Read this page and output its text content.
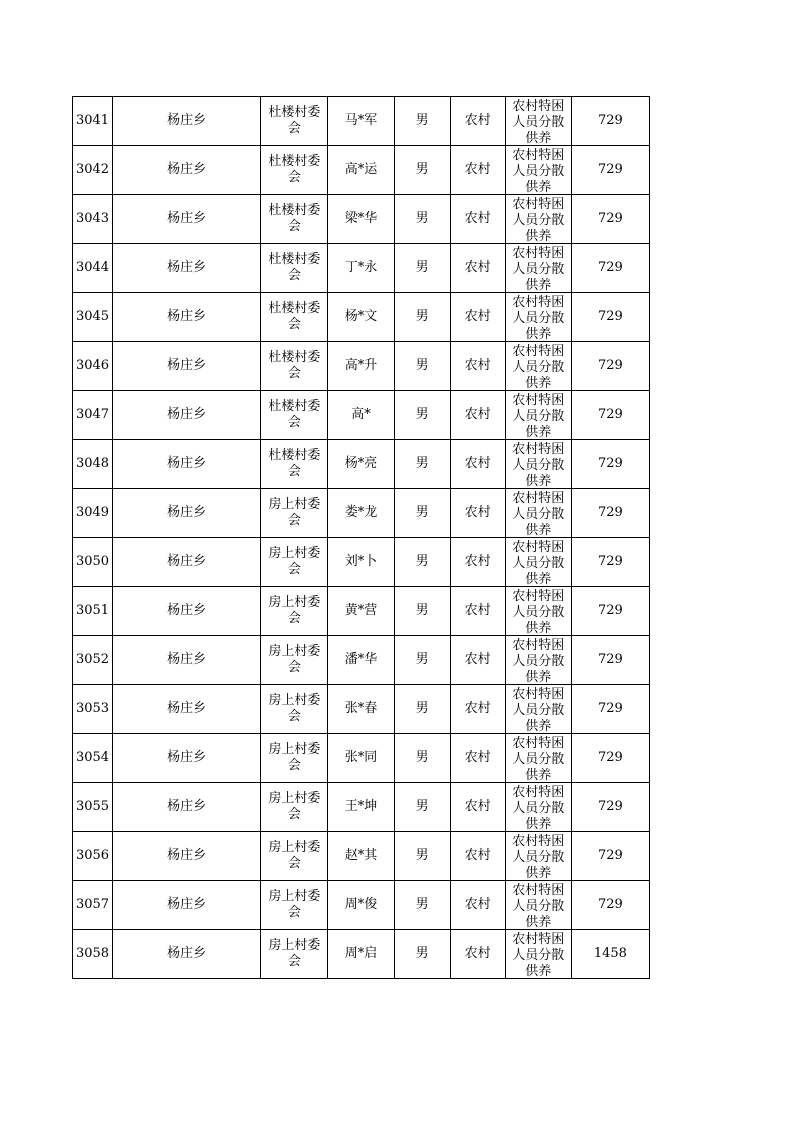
3041	杨庄乡	杜楼村委会	马*军	男	农村	农村特困人员分散供养	729
3042	杨庄乡	杜楼村委会	高*运	男	农村	农村特困人员分散供养	729
3043	杨庄乡	杜楼村委会	梁*华	男	农村	农村特困人员分散供养	729
3044	杨庄乡	杜楼村委会	丁*永	男	农村	农村特困人员分散供养	729
3045	杨庄乡	杜楼村委会	杨*文	男	农村	农村特困人员分散供养	729
3046	杨庄乡	杜楼村委会	高*升	男	农村	农村特困人员分散供养	729
3047	杨庄乡	杜楼村委会	高*	男	农村	农村特困人员分散供养	729
3048	杨庄乡	杜楼村委会	杨*亮	男	农村	农村特困人员分散供养	729
3049	杨庄乡	房上村委会	娄*龙	男	农村	农村特困人员分散供养	729
3050	杨庄乡	房上村委会	刘*卜	男	农村	农村特困人员分散供养	729
3051	杨庄乡	房上村委会	黄*营	男	农村	农村特困人员分散供养	729
3052	杨庄乡	房上村委会	潘*华	男	农村	农村特困人员分散供养	729
3053	杨庄乡	房上村委会	张*春	男	农村	农村特困人员分散供养	729
3054	杨庄乡	房上村委会	张*同	男	农村	农村特困人员分散供养	729
3055	杨庄乡	房上村委会	王*坤	男	农村	农村特困人员分散供养	729
3056	杨庄乡	房上村委会	赵*其	男	农村	农村特困人员分散供养	729
3057	杨庄乡	房上村委会	周*俊	男	农村	农村特困人员分散供养	729
3058	杨庄乡	房上村委会	周*启	男	农村	农村特困人员分散供养	1458
